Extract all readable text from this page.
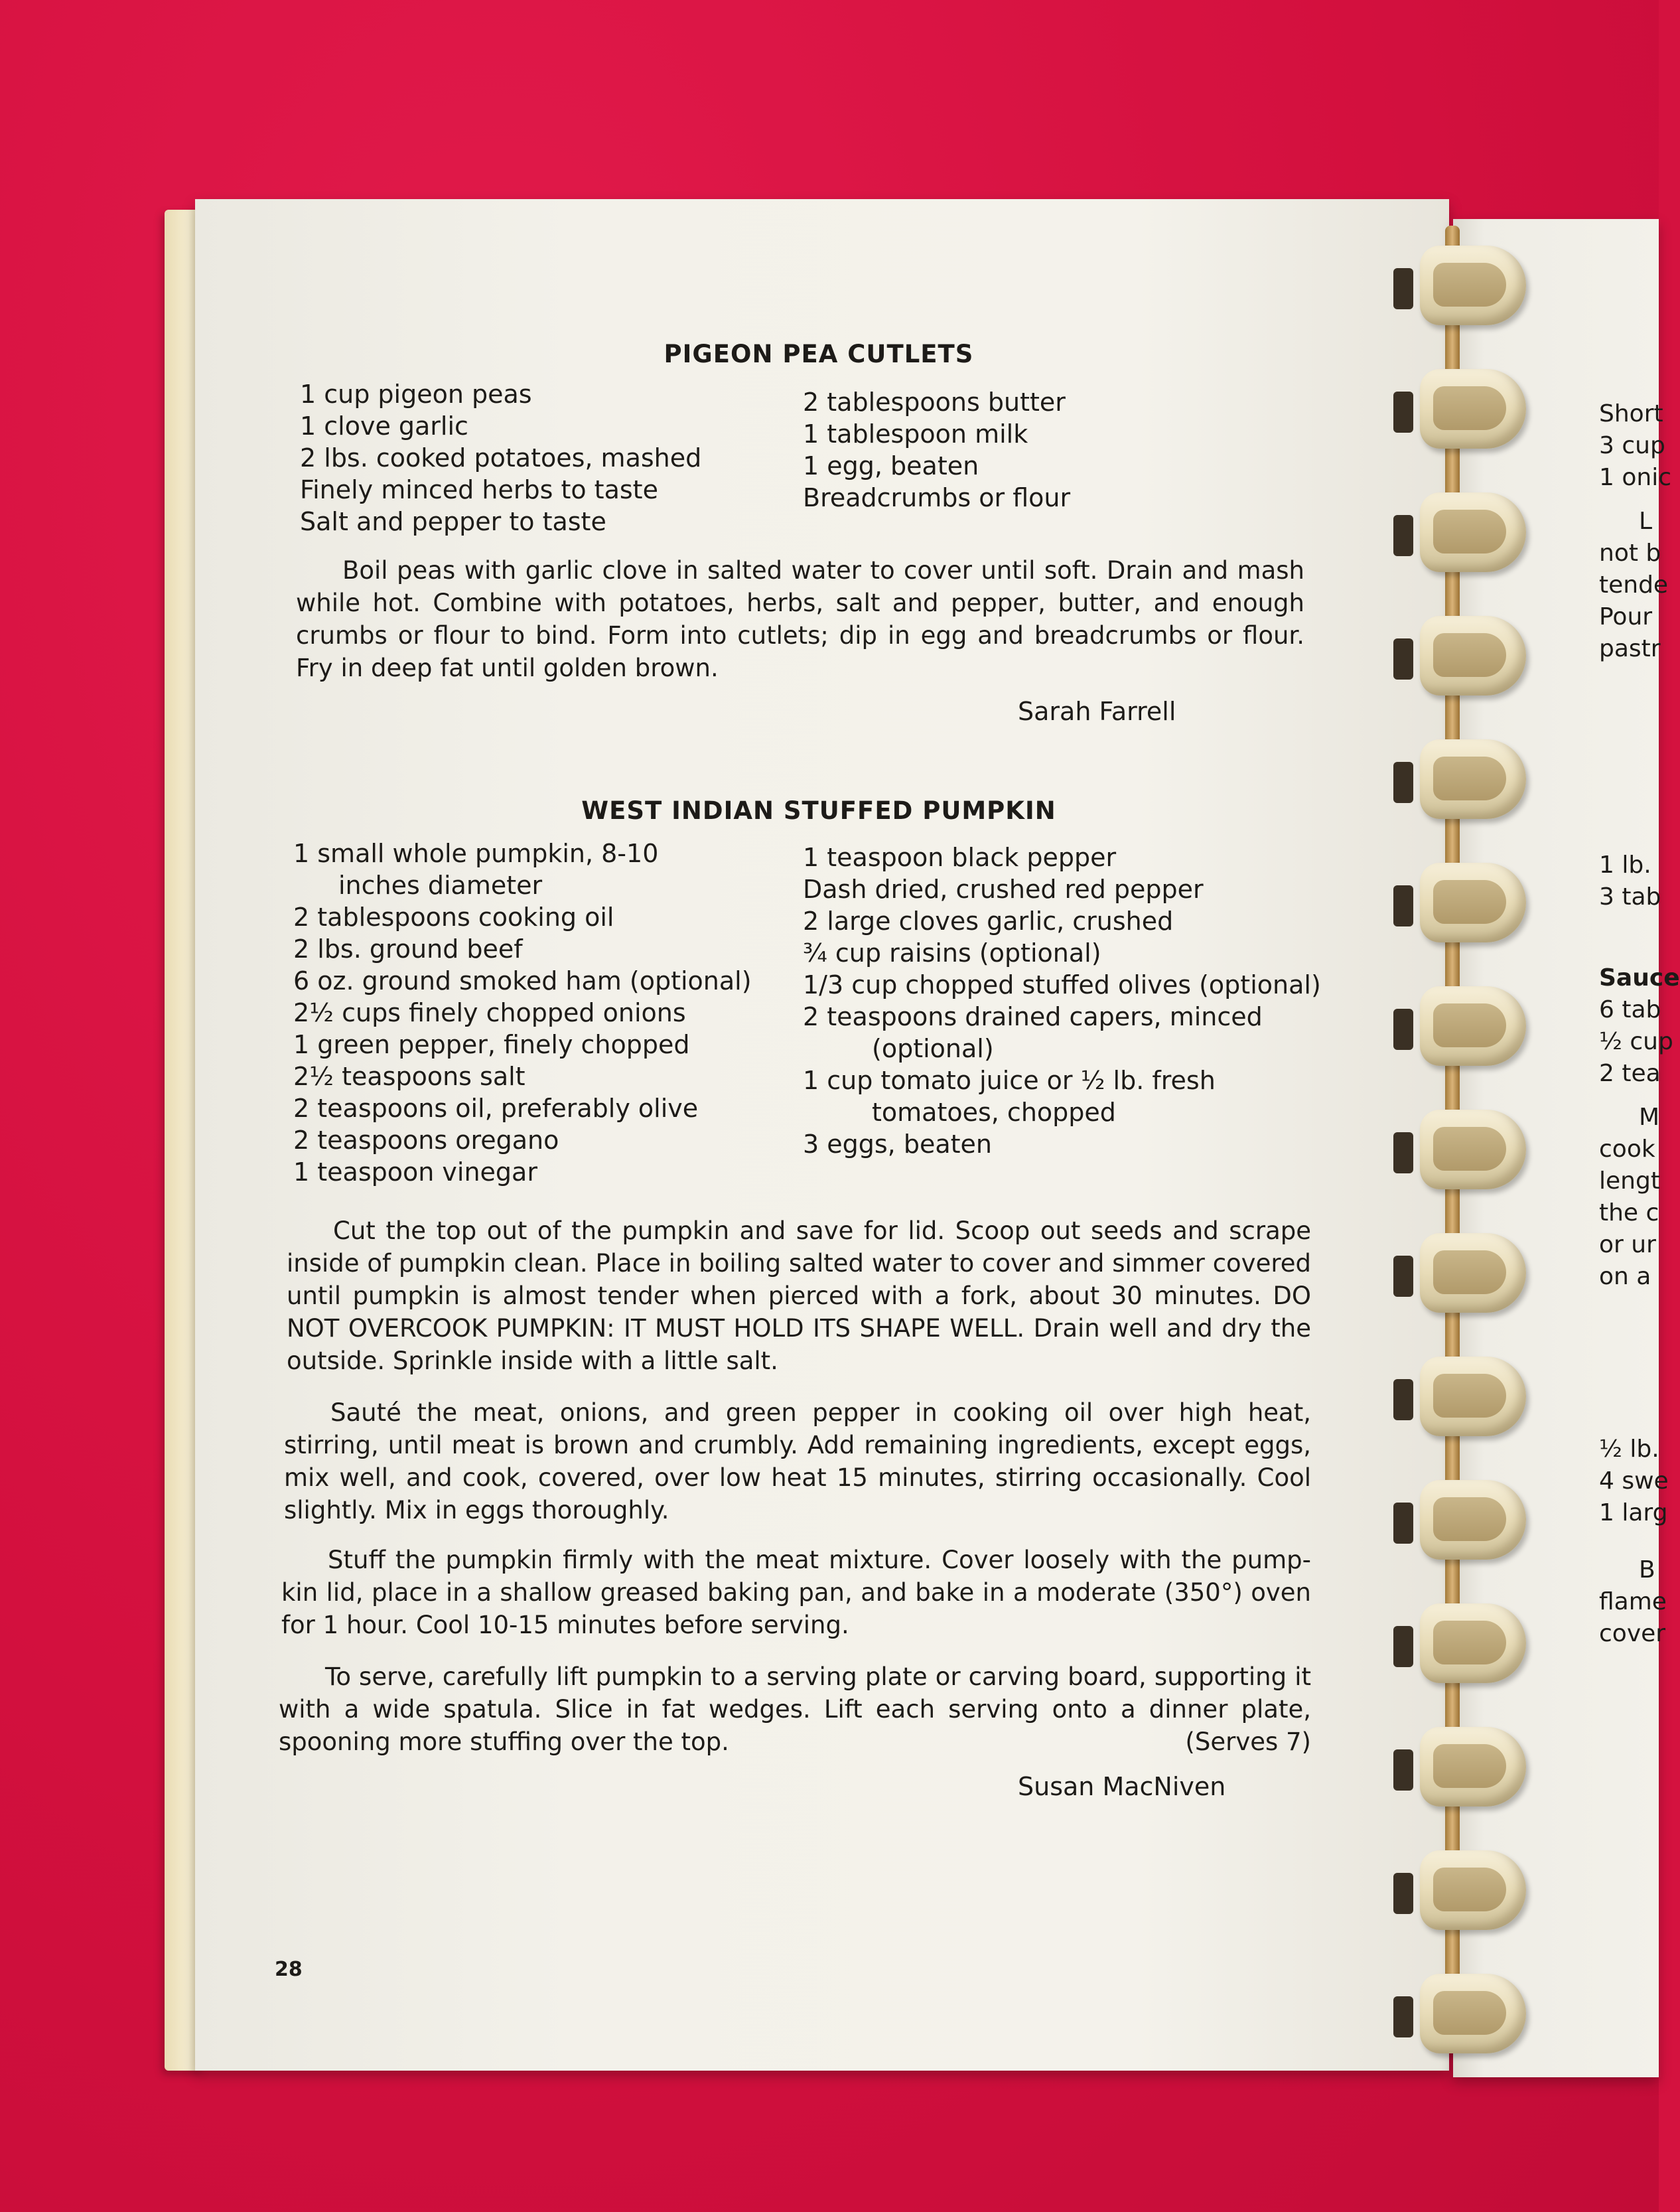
PIGEON PEA CUTLETS
1 cup pigeon peas
1 clove garlic
2 lbs. cooked potatoes, mashed
Finely minced herbs to taste
Salt and pepper to taste
2 tablespoons butter
1 tablespoon milk
1 egg, beaten
Breadcrumbs or flour
Boil peas with garlic clove in salted water to cover until soft. Drain and mash while hot. Combine with potatoes, herbs, salt and pepper, butter, and enough crumbs or flour to bind. Form into cutlets; dip in egg and breadcrumbs or flour. Fry in deep fat until golden brown.
Sarah Farrell
WEST INDIAN STUFFED PUMPKIN
1 small whole pumpkin, 8-10
inches diameter
2 tablespoons cooking oil
2 lbs. ground beef
6 oz. ground smoked ham (optional)
2½ cups finely chopped onions
1 green pepper, finely chopped
2½ teaspoons salt
2 teaspoons oil, preferably olive
2 teaspoons oregano
1 teaspoon vinegar
1 teaspoon black pepper
Dash dried, crushed red pepper
2 large cloves garlic, crushed
¾ cup raisins (optional)
1/3 cup chopped stuffed olives (optional)
2 teaspoons drained capers, minced
(optional)
1 cup tomato juice or ½ lb. fresh
tomatoes, chopped
3 eggs, beaten
Cut the top out of the pumpkin and save for lid. Scoop out seeds and scrape inside of pumpkin clean. Place in boiling salted water to cover and simmer covered until pumpkin is almost tender when pierced with a fork, about 30 minutes. DO NOT OVERCOOK PUMPKIN: IT MUST HOLD ITS SHAPE WELL. Drain well and dry the outside. Sprinkle inside with a little salt.
Sauté the meat, onions, and green pepper in cooking oil over high heat, stirring, until meat is brown and crumbly. Add remaining ingredients, except eggs, mix well, and cook, covered, over low heat 15 minutes, stirring occasionally. Cool slightly. Mix in eggs thoroughly.
Stuff the pumpkin firmly with the meat mixture. Cover loosely with the pump-kin lid, place in a shallow greased baking pan, and bake in a moderate (350°) oven for 1 hour. Cool 10-15 minutes before serving.
To serve, carefully lift pumpkin to a serving plate or carving board, supporting it with a wide spatula. Slice in fat wedges. Lift each serving onto a dinner plate, spooning more stuffing over the top.	(Serves 7)
Susan MacNiven
28
Short
3 cup
1 onic
L
not b
tende
Pour
pastr
1 lb.
3 tab
Sauce
6 tab
½ cup
2 tea
M
cook
lengt
the c
or ur
on a
½ lb.
4 swe
1 larg
B
flame
cover
